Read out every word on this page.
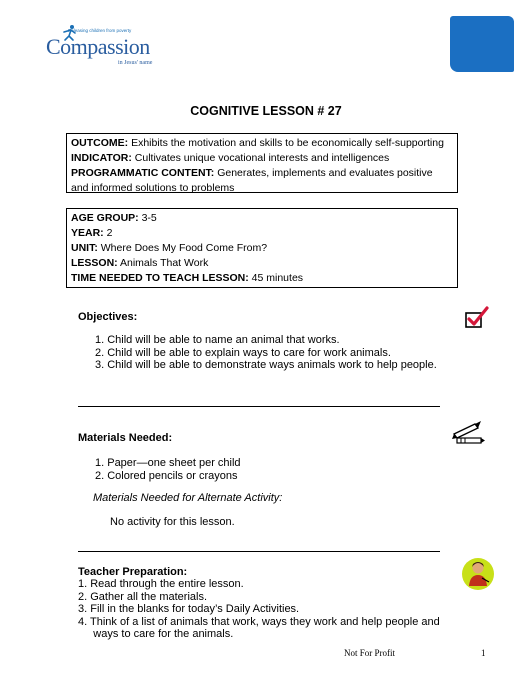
Releasing children from poverty
Compassion
in Jesus' name
COGNITIVE LESSON # 27
OUTCOME: Exhibits the motivation and skills to be economically self-supporting
INDICATOR: Cultivates unique vocational interests and intelligences
PROGRAMMATIC CONTENT: Generates, implements and evaluates positive
and informed solutions to problems
AGE GROUP: 3-5
YEAR: 2
UNIT: Where Does My Food Come From?
LESSON: Animals That Work
TIME NEEDED TO TEACH LESSON: 45 minutes
Objectives:
1. Child will be able to name an animal that works.
2. Child will be able to explain ways to care for work animals.
3. Child will be able to demonstrate ways animals work to help people.
Materials Needed:
1. Paper—one sheet per child
2. Colored pencils or crayons
Materials Needed for Alternate Activity:
No activity for this lesson.
Teacher Preparation:
1. Read through the entire lesson.
2. Gather all the materials.
3. Fill in the blanks for today’s Daily Activities.
4. Think of a list of animals that work, ways they work and help people and
ways to care for the animals.
Not For Profit	1
